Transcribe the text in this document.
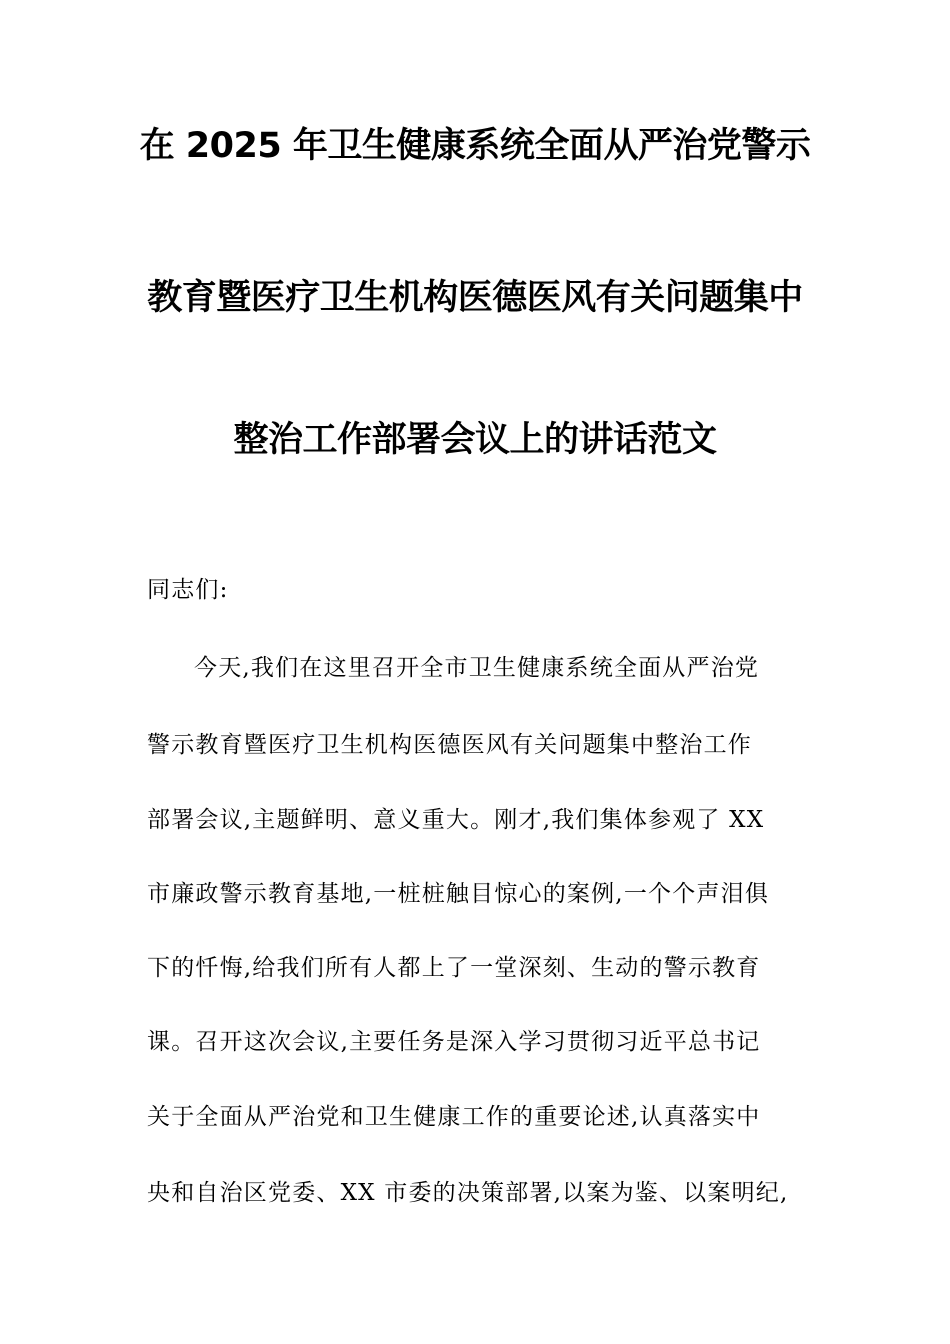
在 2025 年卫生健康系统全面从严治党警示
教育暨医疗卫生机构医德医风有关问题集中
整治工作部署会议上的讲话范文
同志们:
今天,我们在这里召开全市卫生健康系统全面从严治党
警示教育暨医疗卫生机构医德医风有关问题集中整治工作
部署会议,主题鲜明、意义重大。刚才,我们集体参观了 XX
市廉政警示教育基地,一桩桩触目惊心的案例,一个个声泪俱
下的忏悔,给我们所有人都上了一堂深刻、生动的警示教育
课。召开这次会议,主要任务是深入学习贯彻习近平总书记
关于全面从严治党和卫生健康工作的重要论述,认真落实中
央和自治区党委、XX 市委的决策部署,以案为鉴、以案明纪,
